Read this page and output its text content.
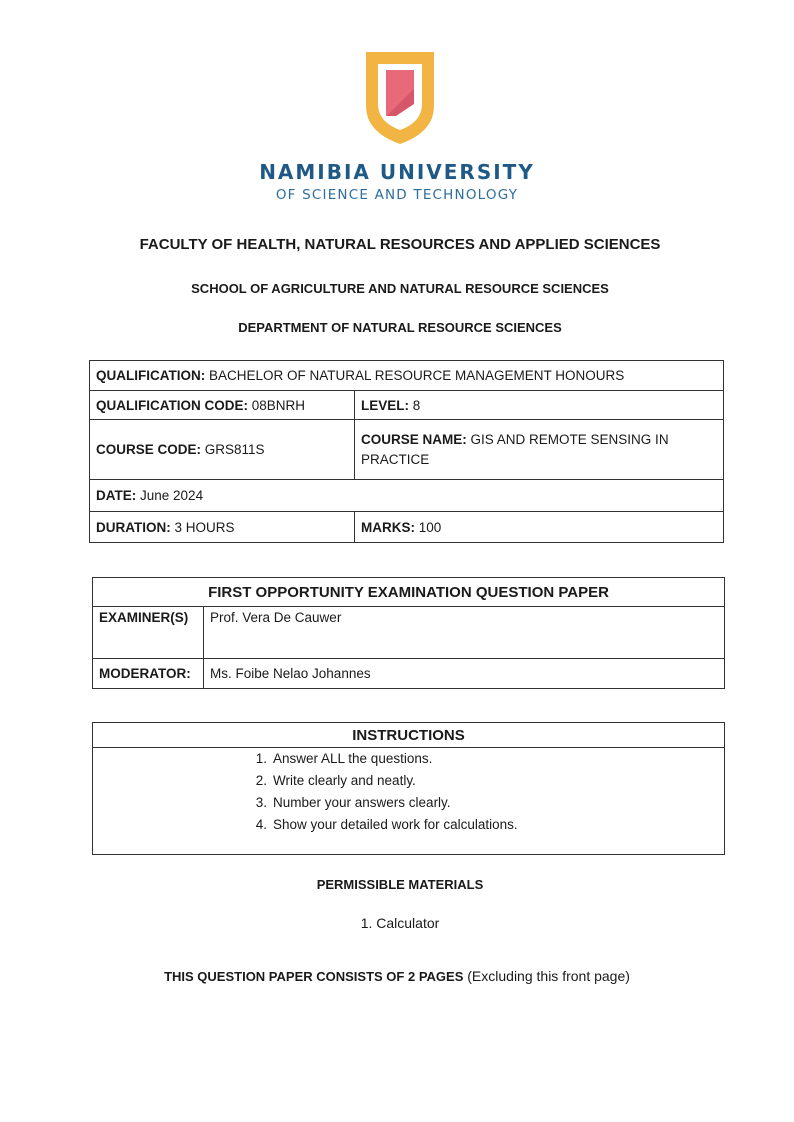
NAMIBIA UNIVERSITY
OF SCIENCE AND TECHNOLOGY
FACULTY OF HEALTH, NATURAL RESOURCES AND APPLIED SCIENCES
SCHOOL OF AGRICULTURE AND NATURAL RESOURCE SCIENCES
DEPARTMENT OF NATURAL RESOURCE SCIENCES
QUALIFICATION: BACHELOR OF NATURAL RESOURCE MANAGEMENT HONOURS	
QUALIFICATION CODE: 08BNRH	LEVEL: 8
COURSE CODE: GRS811S	COURSE NAME: GIS AND REMOTE SENSING IN PRACTICE
DATE: June 2024	
DURATION: 3 HOURS	MARKS: 100
FIRST OPPORTUNITY EXAMINATION QUESTION PAPER	
EXAMINER(S)	Prof. Vera De Cauwer
MODERATOR:	Ms. Foibe Nelao Johannes
INSTRUCTIONS
1. Answer ALL the questions.
2. Write clearly and neatly.
3. Number your answers clearly.
4. Show your detailed work for calculations.
PERMISSIBLE MATERIALS
1. Calculator
THIS QUESTION PAPER CONSISTS OF 2 PAGES (Excluding this front page)
